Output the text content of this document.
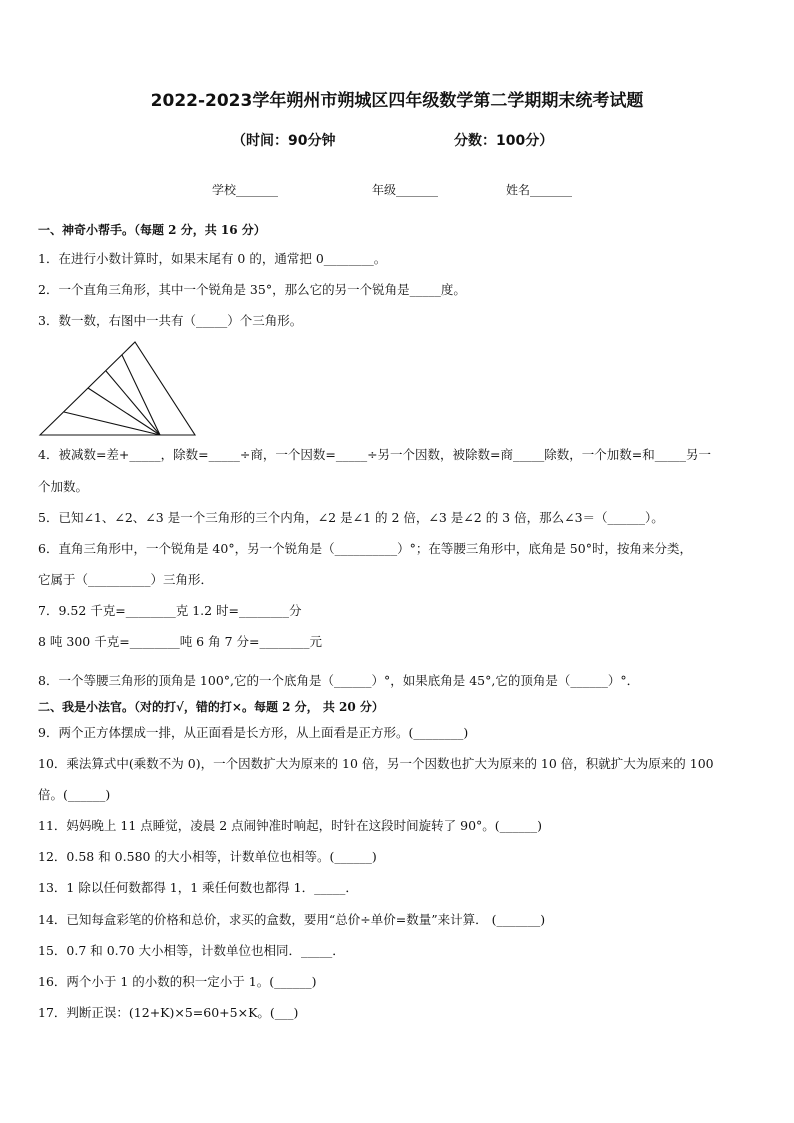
2022-2023学年朔州市朔城区四年级数学第二学期期末统考试题
（时间：90分钟	分数：100分）
学校_______	年级_______	姓名_______
一、神奇小帮手。（每题 2 分，共 16 分）
1．在进行小数计算时，如果末尾有 0 的，通常把 0________。
2．一个直角三角形，其中一个锐角是 35°，那么它的另一个锐角是_____度。
3．数一数，右图中一共有（_____）个三角形。
4．被减数=差+_____，除数=_____÷商，一个因数=_____÷另一个因数，被除数=商_____除数，一个加数=和_____另一
个加数。
5．已知∠1、∠2、∠3 是一个三角形的三个内角，∠2 是∠1 的 2 倍，∠3 是∠2 的 3 倍，那么∠3＝（______）。
6．直角三角形中，一个锐角是 40°，另一个锐角是（__________）°；在等腰三角形中，底角是 50°时，按角来分类，
它属于（__________）三角形．
7．9.52 千克=________克 1.2 时=________分
8 吨 300 千克=________吨 6 角 7 分=________元
8．一个等腰三角形的顶角是 100°,它的一个底角是（______）°，如果底角是 45°,它的顶角是（______）°．
二、我是小法官。（对的打√，错的打×。每题 2 分， 共 20 分）
9．两个正方体摆成一排，从正面看是长方形，从上面看是正方形。(________)
10．乘法算式中(乘数不为 0)，一个因数扩大为原来的 10 倍，另一个因数也扩大为原来的 10 倍，积就扩大为原来的 100
倍。(______)
11．妈妈晚上 11 点睡觉，凌晨 2 点闹钟准时响起，时针在这段时间旋转了 90°。(______)
12．0.58 和 0.580 的大小相等，计数单位也相等。(______)
13．1 除以任何数都得 1，1 乘任何数也都得 1．_____．
14．已知每盒彩笔的价格和总价，求买的盒数，要用“总价÷单价=数量”来计算． (_______)
15．0.7 和 0.70 大小相等，计数单位也相同．_____．
16．两个小于 1 的小数的积一定小于 1。(______)
17．判断正误：(12+K)×5=60+5×K。(___)
